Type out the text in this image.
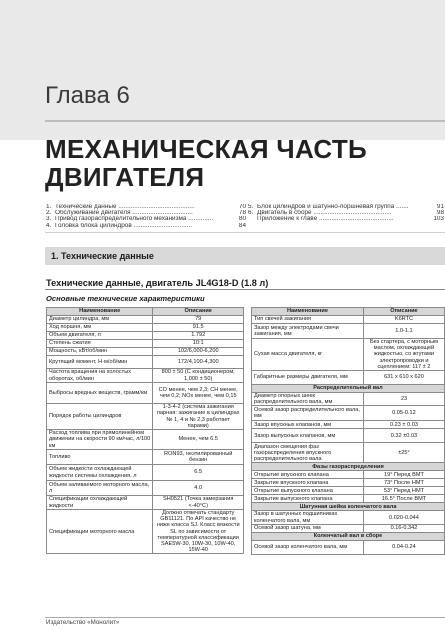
Глава 6
МЕХАНИЧЕСКАЯ ЧАСТЬ
ДВИГАТЕЛЯ
1. Технические данные ...........................................	70
2. Обслуживание двигателя ..................................	78
3. Привод газораспределительного механизма ..............	80
4. Головка блока цилиндров .................................	84
5. Блок цилиндров и шатунно-поршневая группа .......	91
6. Двигатель в сборе ............................................	98
Приложение к главе ..........................................	103
1. Технические данные
Технические данные, двигатель JL4G18-D (1.8 л)
Основные технические характеристики
Наименование	Описание
Диаметр цилиндра, мм	79
Ход поршня, мм	91.5
Объем двигателя, л	1.792
Степень сжатия	10:1
Мощность, кВт/об/мин	102/6,000-6,200
Крутящий момент, Н·м/об/мин	172/4,100-4,300
Частота вращения на холостых оборотах, об/мин	800 ± 50 (С кондиционером, 1,000 ± 50)
Выбросы вредных веществ, грамм/км	CO менее, чем 2,3; CH менее, чем 0,2; NOx менее, чем 0,15
Порядок работы цилиндров	1-3-4-2 (система зажигания парная: зажигание в цилиндрах № 1, 4 и № 2,3 работает парами)
Расход топлива при прямолинейном движении на скорости 90 км/час, л/100 км	Менее, чем 6.5
Топливо	RON93, неэтилированный бензин
Объем жидкости охлаждающей жидкости системы охлаждения, л	6.5
Объем заливаемого моторного масла, л	4.0
Спецификации охлаждающей жидкости	SH0521 (Точка замерзания <-40°C)
Спецификации моторного масла	Должно отвечать стандарту GB11121. По API качество не ниже класса SJ. Класс вязкости SL по зависимости от температурной классификации SAE5W-30, 10W-30, 10W-40, 15W-40
Наименование	Описание
Тип свечей зажигания	K6RTC
Зазор между электродами свечи зажигания, мм	1.0-1.1
Сухая масса двигателя, кг	Без стартера, с моторным маслом, охлаждающей жидкостью, со жгутами электропроводки и сцеплением: 117 ± 2
Габаритные размеры двигателя, мм	631 x 610 x 620
Распределительный вал	
Диаметр опорных шеек распределительного вала, мм	23
Осевой зазор распределительного вала, мм	0.05-0.12
Зазор впускных клапанов, мм	0.23 ± 0.03
Зазор выпускных клапанов, мм	0.32 ±0.03
Диапазон смещения фаз газораспределения впускного распределительного вала	±25°
Фазы газораспределения	
Открытие впускного клапана	19° Перед ВМТ
Закрытие впускного клапана	73° После НМТ
Открытие выпускного клапана	53° Перед НМТ
Закрытие выпускного клапана	16.5° После ВМТ
Шатунная шейка коленчатого вала	
Зазор в шатунных подшипниках коленчатого вала, мм	0.020-0.044
Осевой зазор шатуна, мм	0.16-0.342
Коленчатый вал в сборе	
Осевой зазор коленчатого вала, мм	0.04-0.24
Издательство «Монолит»
